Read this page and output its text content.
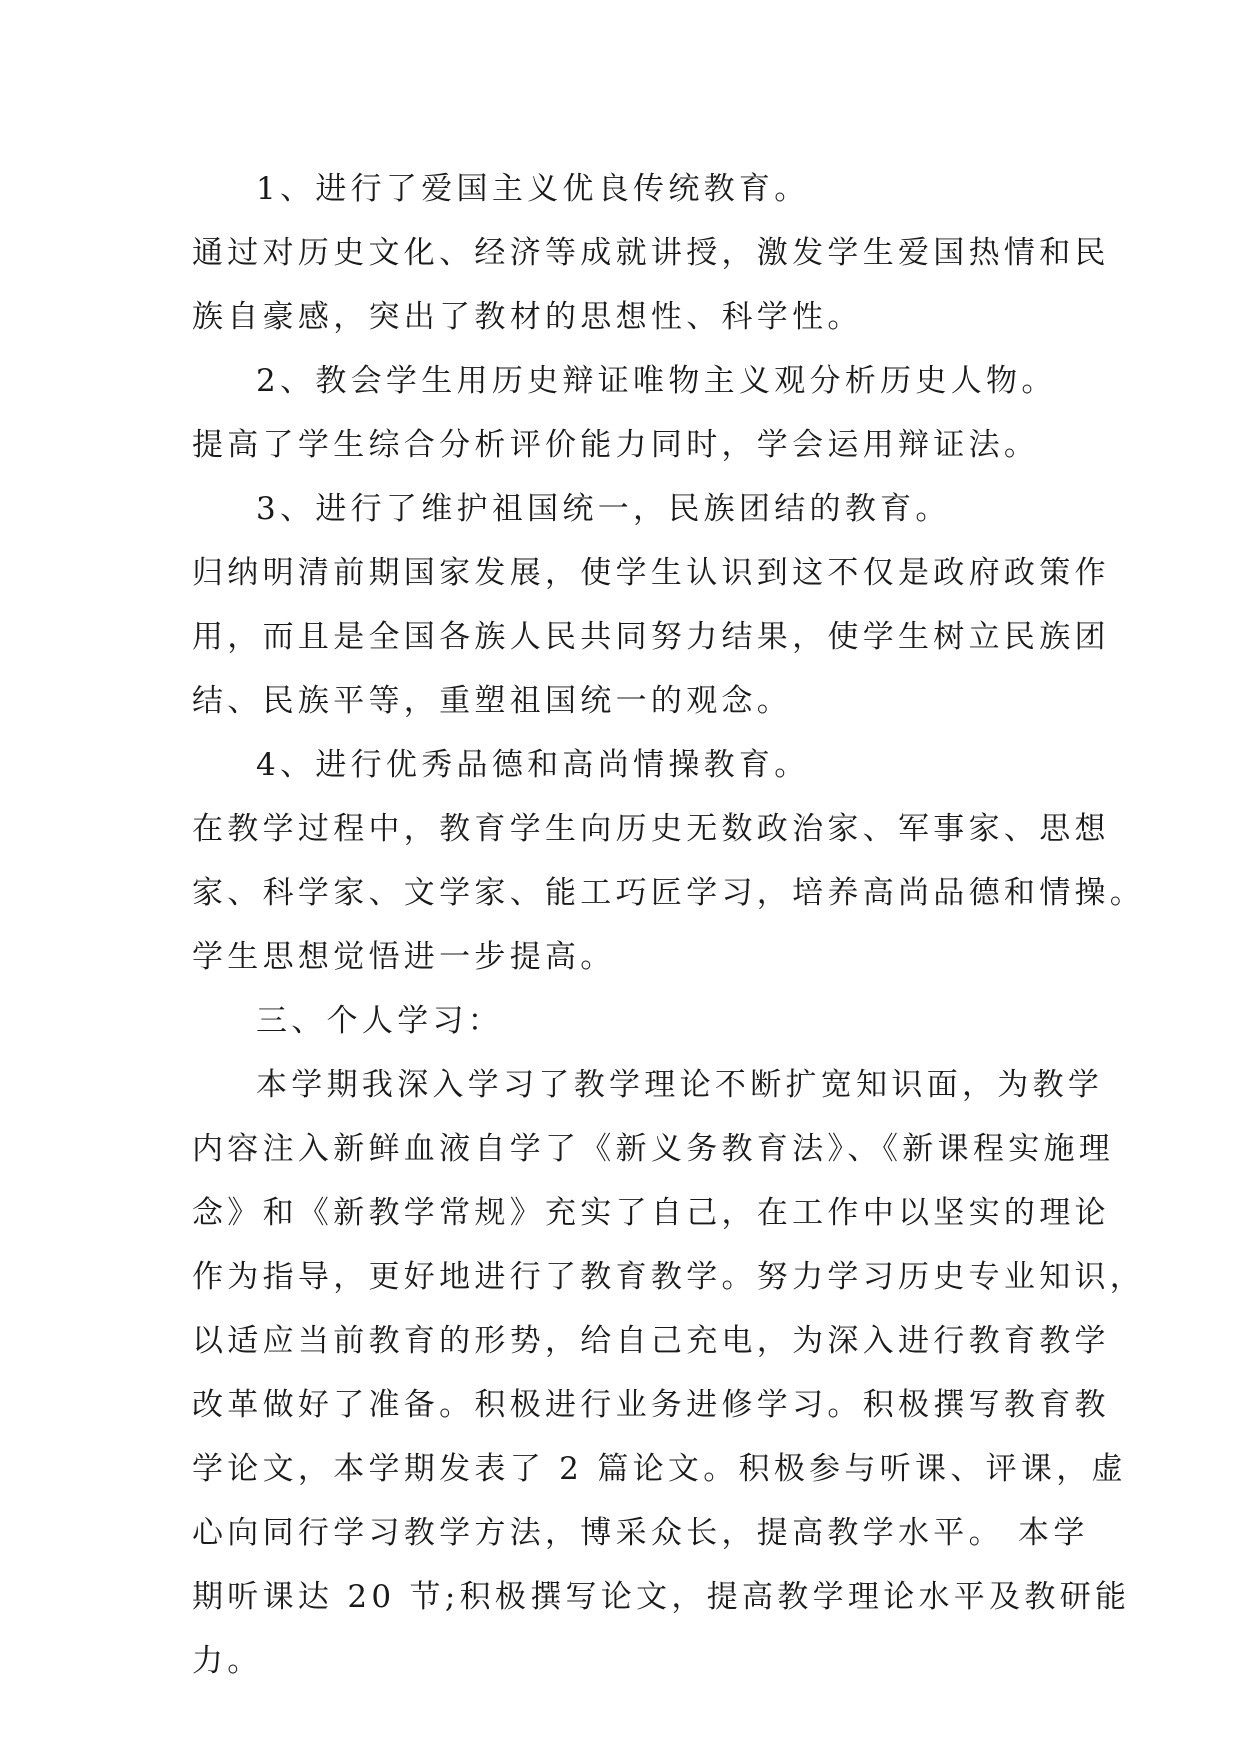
1、进行了爱国主义优良传统教育。
通过对历史文化、经济等成就讲授，激发学生爱国热情和民
族自豪感，突出了教材的思想性、科学性。
2、教会学生用历史辩证唯物主义观分析历史人物。
提高了学生综合分析评价能力同时，学会运用辩证法。
3、进行了维护祖国统一，民族团结的教育。
归纳明清前期国家发展，使学生认识到这不仅是政府政策作
用，而且是全国各族人民共同努力结果，使学生树立民族团
结、民族平等，重塑祖国统一的观念。
4、进行优秀品德和高尚情操教育。
在教学过程中，教育学生向历史无数政治家、军事家、思想
家、科学家、文学家、能工巧匠学习，培养高尚品德和情操。
学生思想觉悟进一步提高。
三、个人学习：
本学期我深入学习了教学理论不断扩宽知识面，为教学
内容注入新鲜血液自学了《新义务教育法》、《新课程实施理
念》和《新教学常规》充实了自己，在工作中以坚实的理论
作为指导，更好地进行了教育教学。努力学习历史专业知识，
以适应当前教育的形势，给自己充电，为深入进行教育教学
改革做好了准备。积极进行业务进修学习。积极撰写教育教
学论文，本学期发表了 2 篇论文。积极参与听课、评课，虚
心向同行学习教学方法，博采众长，提高教学水平。 本学
期听课达 20 节;积极撰写论文，提高教学理论水平及教研能
力。
